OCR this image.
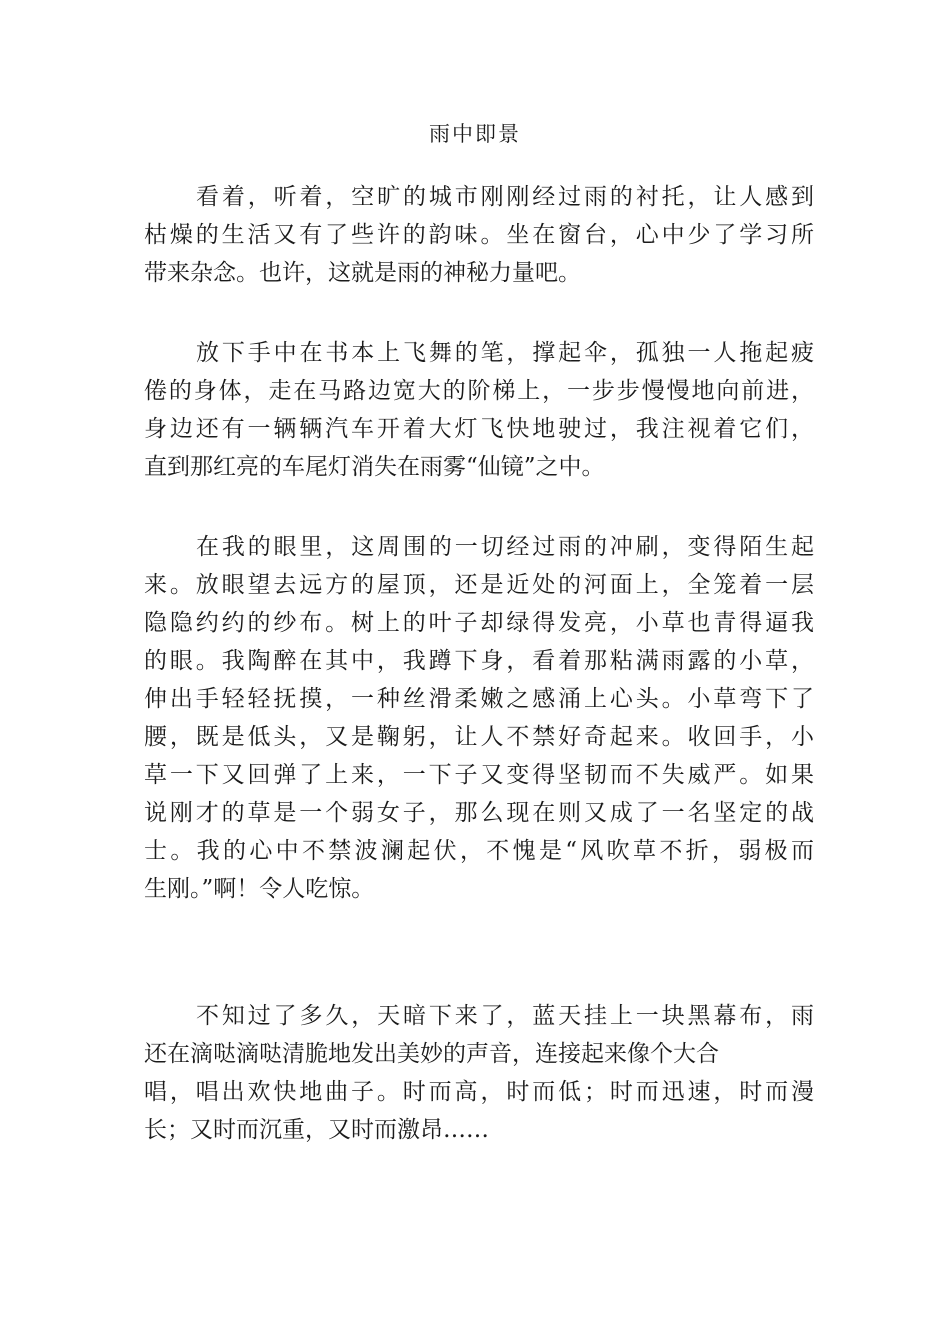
雨中即景
看着，听着，空旷的城市刚刚经过雨的衬托，让人感到
枯燥的生活又有了些许的韵味。坐在窗台，心中少了学习所
带来杂念。也许，这就是雨的神秘力量吧。
放下手中在书本上飞舞的笔，撑起伞，孤独一人拖起疲
倦的身体，走在马路边宽大的阶梯上，一步步慢慢地向前进，
身边还有一辆辆汽车开着大灯飞快地驶过，我注视着它们，
直到那红亮的车尾灯消失在雨雾“仙镜”之中。
在我的眼里，这周围的一切经过雨的冲刷，变得陌生起
来。放眼望去远方的屋顶，还是近处的河面上，全笼着一层
隐隐约约的纱布。树上的叶子却绿得发亮，小草也青得逼我
的眼。我陶醉在其中，我蹲下身，看着那粘满雨露的小草，
伸出手轻轻抚摸，一种丝滑柔嫩之感涌上心头。小草弯下了
腰，既是低头，又是鞠躬，让人不禁好奇起来。收回手，小
草一下又回弹了上来，一下子又变得坚韧而不失威严。如果
说刚才的草是一个弱女子，那么现在则又成了一名坚定的战
士。我的心中不禁波澜起伏，不愧是“风吹草不折，弱极而
生刚。”啊！令人吃惊。
不知过了多久，天暗下来了，蓝天挂上一块黑幕布，雨
还在滴哒滴哒清脆地发出美妙的声音，连接起来像个大合
唱，唱出欢快地曲子。时而高，时而低；时而迅速，时而漫
长；又时而沉重，又时而激昂……
